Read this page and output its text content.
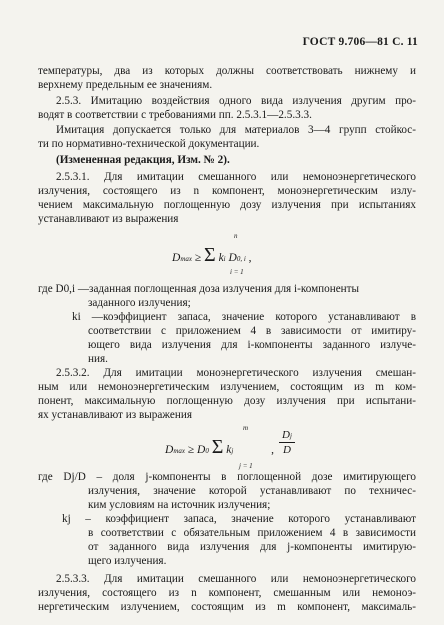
ГОСТ 9.706—81 С. 11
температуры, два из которых должны соответствовать нижнему и
верхнему предельным ее значениям.
2.5.3. Имитацию воздействия одного вида излучения другим про-
водят в соответствии с требованиями пп. 2.5.3.1—2.5.3.3.
Имитация допускается только для материалов 3—4 групп стойкос-
ти по нормативно-технической документации.
(Измененная редакция, Изм. № 2).
2.5.3.1. Для имитации смешанного или немоноэнергетического
излучения, состоящего из n компонент, моноэнергетическим излу-
чением максимальную поглощенную дозу излучения при испытаниях
устанавливают из выражения
Dmax ≥ Σ ki D0, i ,
n
i = 1
где D0,i —заданная поглощенная доза излучения для i-компоненты
заданного излучения;
ki —коэффициент запаса, значение которого устанавливают в
соответствии с приложением 4 в зависимости от имитиру-
ющего вида излучения для i-компоненты заданного излуче-
ния.
2.5.3.2. Для имитации моноэнергетического излучения смешан-
ным или немоноэнергетическим излучением, состоящим из m ком-
понент, максимальную поглощенную дозу излучения при испытани-
ях устанавливают из выражения
Dmax ≥ D0 Σ kj	,
m
j = 1
Dj
D
где Dj/D – доля j-компоненты в поглощенной дозе имитирующего
излучения, значение которой устанавливают по техничес-
ким условиям на источник излучения;
kj – коэффициент запаса, значение которого устанавливают
в соответствии с обязательным приложением 4 в зависимости
от заданного вида излучения для j-компоненты имитирую-
щего излучения.
2.5.3.3. Для имитации смешанного или немоноэнергетического
излучения, состоящего из n компонент, смешанным или немоноэ-
нергетическим излучением, состоящим из m компонент, максималь-
